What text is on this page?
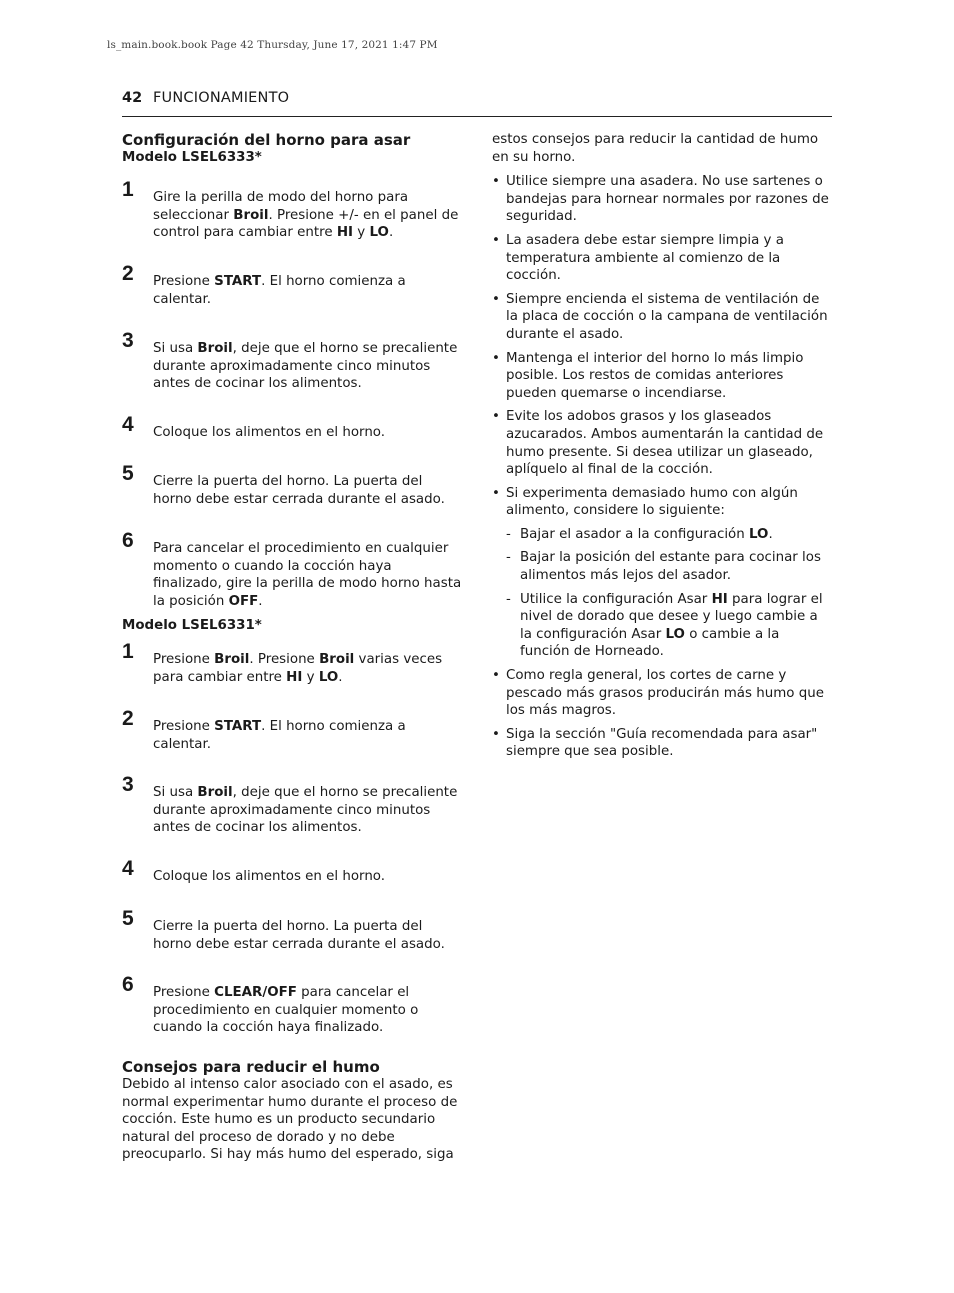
ls_main.book.book Page 42 Thursday, June 17, 2021 1:47 PM
42 FUNCIONAMIENTO
Configuración del horno para asar

Modelo LSEL6333*

1 Gire la perilla de modo del horno para seleccionar Broil. Presione +/- en el panel de control para cambiar entre HI y LO.
2 Presione START. El horno comienza a calentar.
3 Si usa Broil, deje que el horno se precaliente durante aproximadamente cinco minutos antes de cocinar los alimentos.
4 Coloque los alimentos en el horno.
5 Cierre la puerta del horno. La puerta del horno debe estar cerrada durante el asado.
6 Para cancelar el procedimiento en cualquier momento o cuando la cocción haya finalizado, gire la perilla de modo horno hasta la posición OFF.

Modelo LSEL6331*

1 Presione Broil. Presione Broil varias veces para cambiar entre HI y LO.
2 Presione START. El horno comienza a calentar.
3 Si usa Broil, deje que el horno se precaliente durante aproximadamente cinco minutos antes de cocinar los alimentos.
4 Coloque los alimentos en el horno.
5 Cierre la puerta del horno. La puerta del horno debe estar cerrada durante el asado.
6 Presione CLEAR/OFF para cancelar el procedimiento en cualquier momento o cuando la cocción haya finalizado.
Consejos para reducir el humo

Debido al intenso calor asociado con el asado, es normal experimentar humo durante el proceso de cocción. Este humo es un producto secundario natural del proceso de dorado y no debe preocuparlo. Si hay más humo del esperado, siga

estos consejos para reducir la cantidad de humo en su horno.

• Utilice siempre una asadera. No use sartenes o bandejas para hornear normales por razones de seguridad.
• La asadera debe estar siempre limpia y a temperatura ambiente al comienzo de la cocción.
• Siempre encienda el sistema de ventilación de la placa de cocción o la campana de ventilación durante el asado.
• Mantenga el interior del horno lo más limpio posible. Los restos de comidas anteriores pueden quemarse o incendiarse.
• Evite los adobos grasos y los glaseados azucarados. Ambos aumentarán la cantidad de humo presente. Si desea utilizar un glaseado, aplíquelo al final de la cocción.
• Si experimenta demasiado humo con algún alimento, considere lo siguiente:
- Bajar el asador a la configuración LO.
- Bajar la posición del estante para cocinar los alimentos más lejos del asador.
- Utilice la configuración Asar HI para lograr el nivel de dorado que desee y luego cambie a la configuración Asar LO o cambie a la función de Horneado.
• Como regla general, los cortes de carne y pescado más grasos producirán más humo que los más magros.
• Siga la sección "Guía recomendada para asar" siempre que sea posible.
